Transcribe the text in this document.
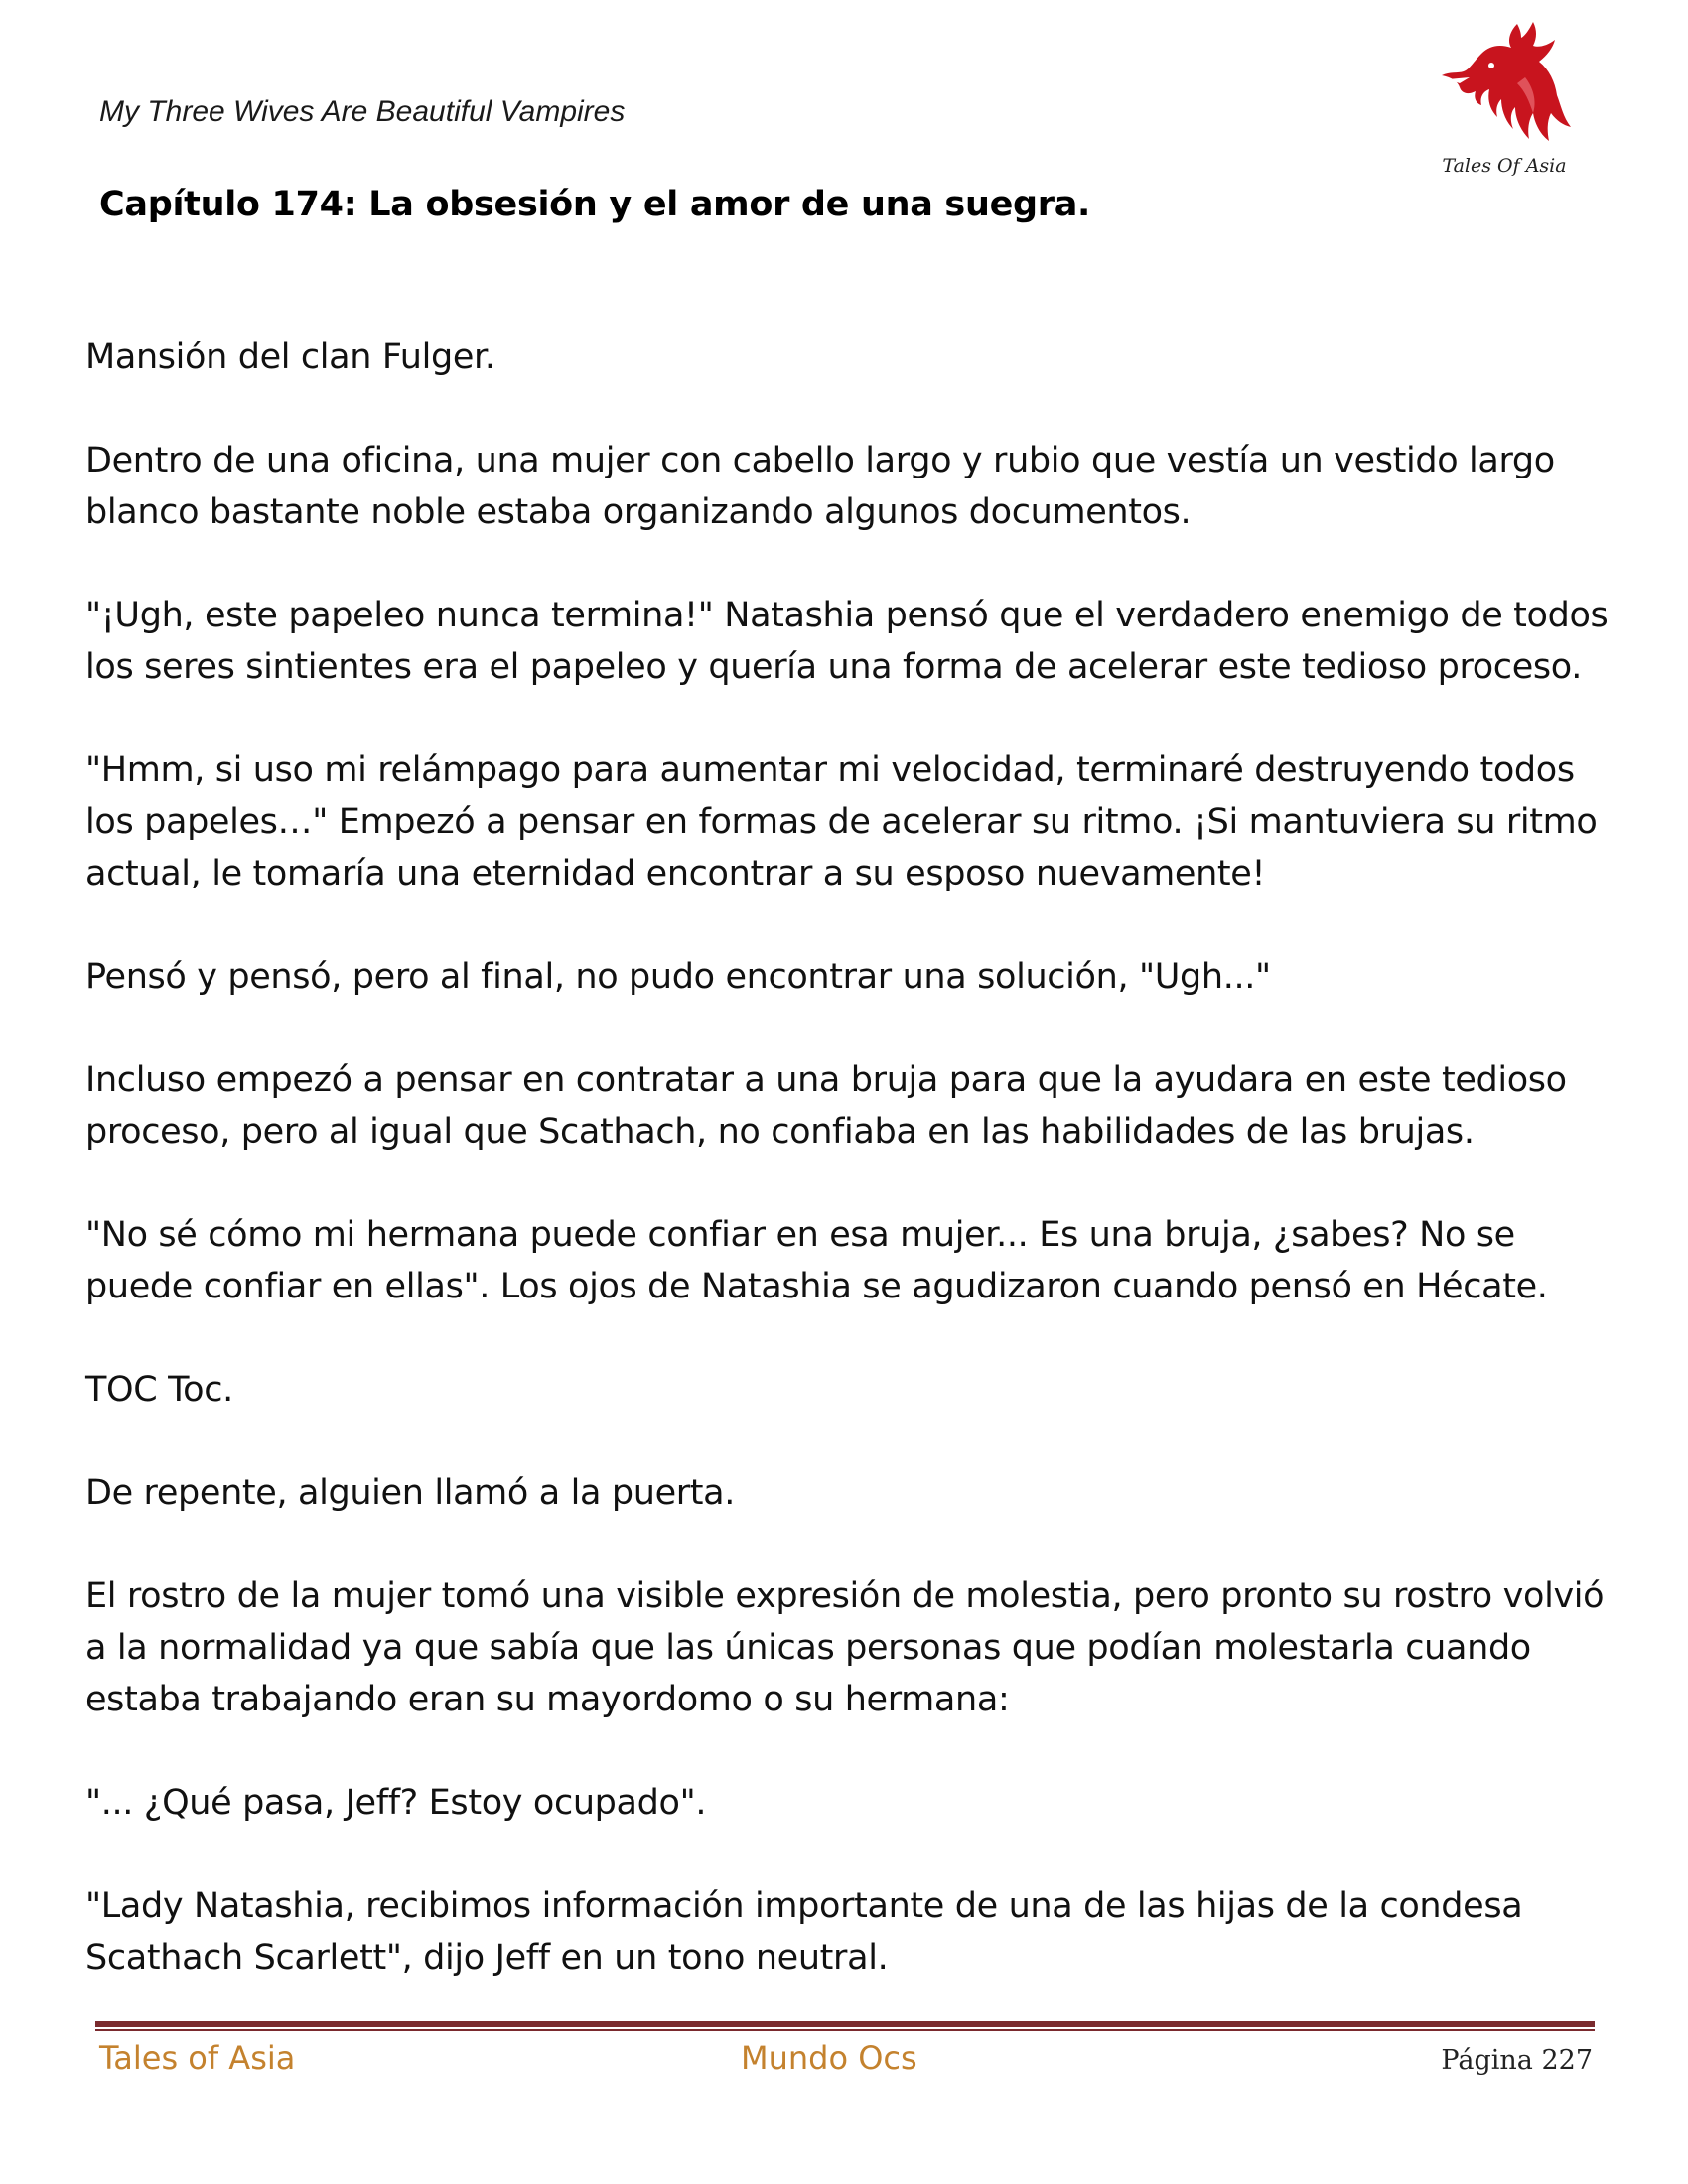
My Three Wives Are Beautiful Vampires
Tales Of Asia
Capítulo 174: La obsesión y el amor de una suegra.

Mansión del clan Fulger.

Dentro de una oficina, una mujer con cabello largo y rubio que vestía un vestido largo blanco bastante noble estaba organizando algunos documentos.

"¡Ugh, este papeleo nunca termina!" Natashia pensó que el verdadero enemigo de todos los seres sintientes era el papeleo y quería una forma de acelerar este tedioso proceso.

"Hmm, si uso mi relámpago para aumentar mi velocidad, terminaré destruyendo todos los papeles…" Empezó a pensar en formas de acelerar su ritmo. ¡Si mantuviera su ritmo actual, le tomaría una eternidad encontrar a su esposo nuevamente!

Pensó y pensó, pero al final, no pudo encontrar una solución, "Ugh..."

Incluso empezó a pensar en contratar a una bruja para que la ayudara en este tedioso proceso, pero al igual que Scathach, no confiaba en las habilidades de las brujas.

"No sé cómo mi hermana puede confiar en esa mujer... Es una bruja, ¿sabes? No se puede confiar en ellas". Los ojos de Natashia se agudizaron cuando pensó en Hécate.

TOC Toc.

De repente, alguien llamó a la puerta.

El rostro de la mujer tomó una visible expresión de molestia, pero pronto su rostro volvió a la normalidad ya que sabía que las únicas personas que podían molestarla cuando estaba trabajando eran su mayordomo o su hermana:

"... ¿Qué pasa, Jeff? Estoy ocupado".

"Lady Natashia, recibimos información importante de una de las hijas de la condesa Scathach Scarlett", dijo Jeff en un tono neutral.

Tales of Asia	Mundo Ocs	Página 227
